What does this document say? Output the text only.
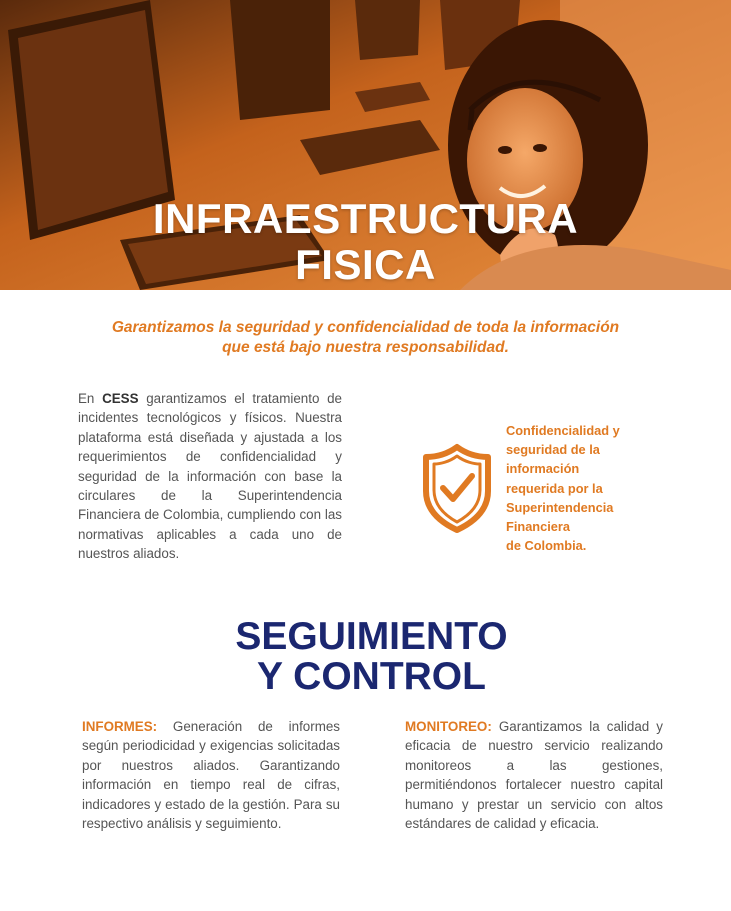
INFRAESTRUCTURA
FISICA
Garantizamos la seguridad y confidencialidad de toda la información
que está bajo nuestra responsabilidad.
En CESS garantizamos el tratamiento de incidentes tecnológicos y físicos. Nuestra plataforma está diseñada y ajustada a los requerimientos de confidencialidad y seguridad de la información con base la circulares de la Superintendencia Financiera de Colombia, cumpliendo con las normativas aplicables a cada uno de nuestros aliados.
Confidencialidad y
seguridad de la
información
requerida por la
Superintendencia
Financiera
de Colombia.
SEGUIMIENTO
Y CONTROL
INFORMES: Generación de informes según periodicidad y exigencias solicitadas por nuestros aliados. Garantizando información en tiempo real de cifras, indicadores y estado de la gestión. Para su respectivo análisis y seguimiento.
MONITOREO: Garantizamos la calidad y eficacia de nuestro servicio realizando monitoreos a las gestiones, permitiéndonos fortalecer nuestro capital humano y prestar un servicio con altos estándares de calidad y eficacia.
